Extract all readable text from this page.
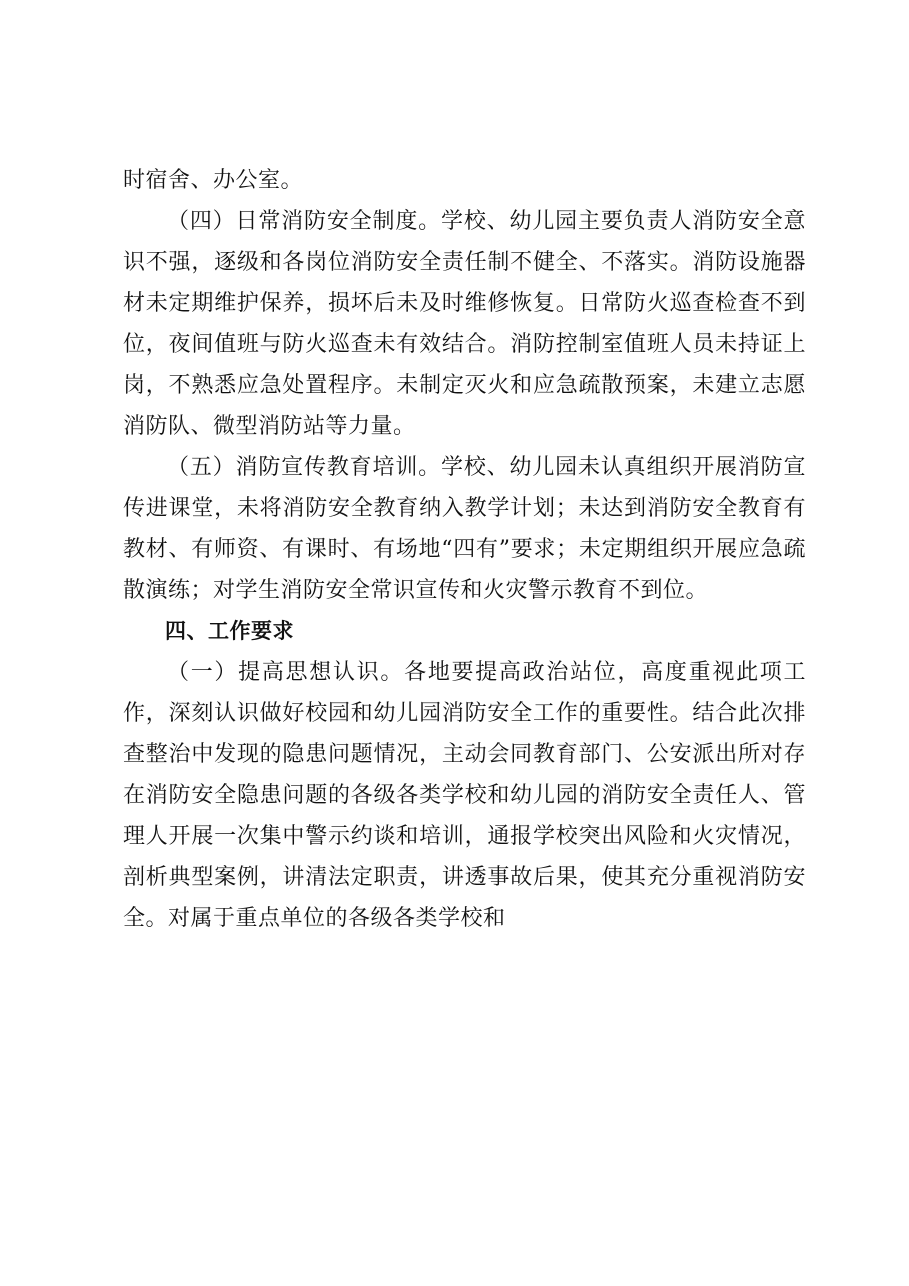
时宿舍、办公室。

（四）日常消防安全制度。学校、幼儿园主要负责人消防安全意识不强，逐级和各岗位消防安全责任制不健全、不落实。消防设施器材未定期维护保养，损坏后未及时维修恢复。日常防火巡查检查不到位，夜间值班与防火巡查未有效结合。消防控制室值班人员未持证上岗，不熟悉应急处置程序。未制定灭火和应急疏散预案，未建立志愿消防队、微型消防站等力量。

（五）消防宣传教育培训。学校、幼儿园未认真组织开展消防宣传进课堂，未将消防安全教育纳入教学计划；未达到消防安全教育有教材、有师资、有课时、有场地“四有”要求；未定期组织开展应急疏散演练；对学生消防安全常识宣传和火灾警示教育不到位。

四、工作要求

（一）提高思想认识。各地要提高政治站位，高度重视此项工作，深刻认识做好校园和幼儿园消防安全工作的重要性。结合此次排查整治中发现的隐患问题情况，主动会同教育部门、公安派出所对存在消防安全隐患问题的各级各类学校和幼儿园的消防安全责任人、管理人开展一次集中警示约谈和培训，通报学校突出风险和火灾情况，剖析典型案例，讲清法定职责，讲透事故后果，使其充分重视消防安全。对属于重点单位的各级各类学校和
